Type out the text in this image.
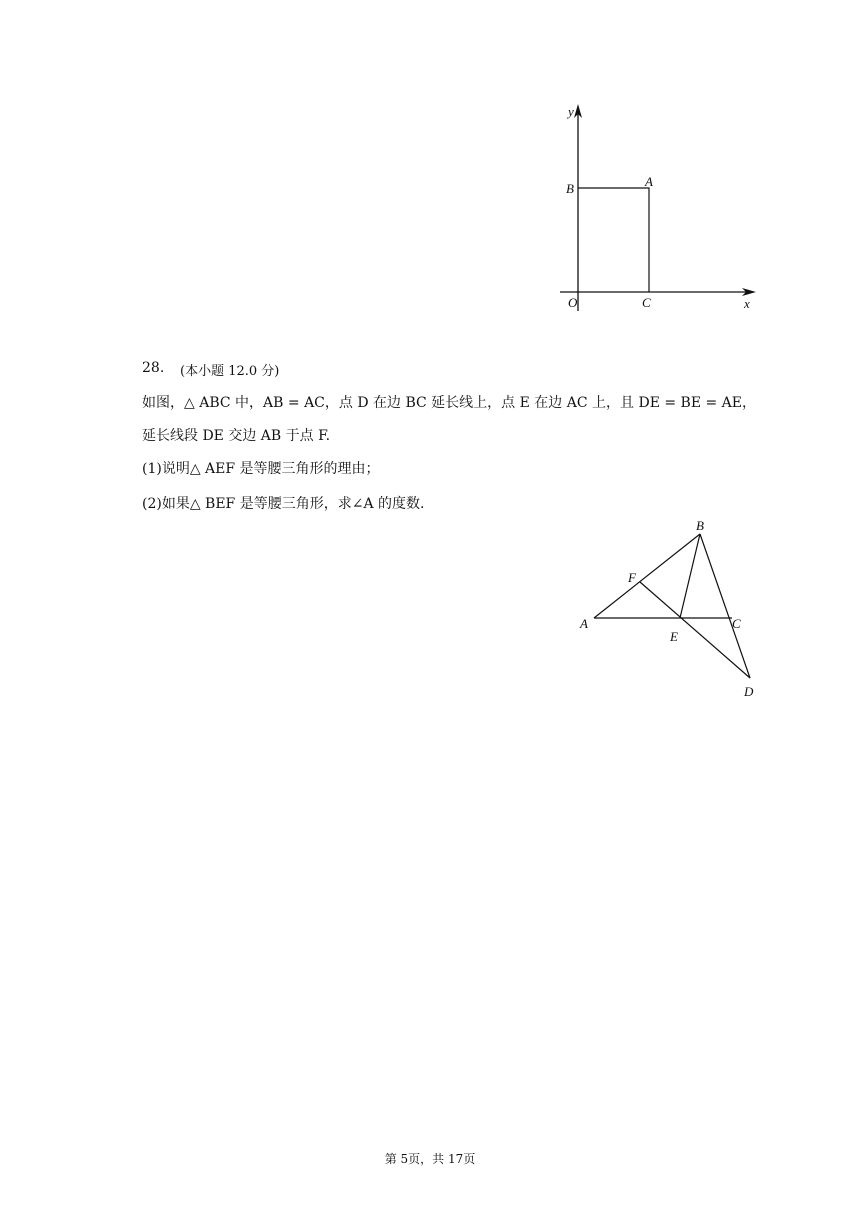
y
x
O
B	A
C
28. (本小题 12.0 分)
如图，△ ABC 中，AB = AC，点 D 在边 BC 延长线上，点 E 在边 AC 上，且 DE = BE = AE，
延长线段 DE 交边 AB 于点 F.
(1)说明△ AEF 是等腰三角形的理由；
(2)如果△ BEF 是等腰三角形，求∠A 的度数.
B
F
A
E
C
D
第 5页，共 17页
